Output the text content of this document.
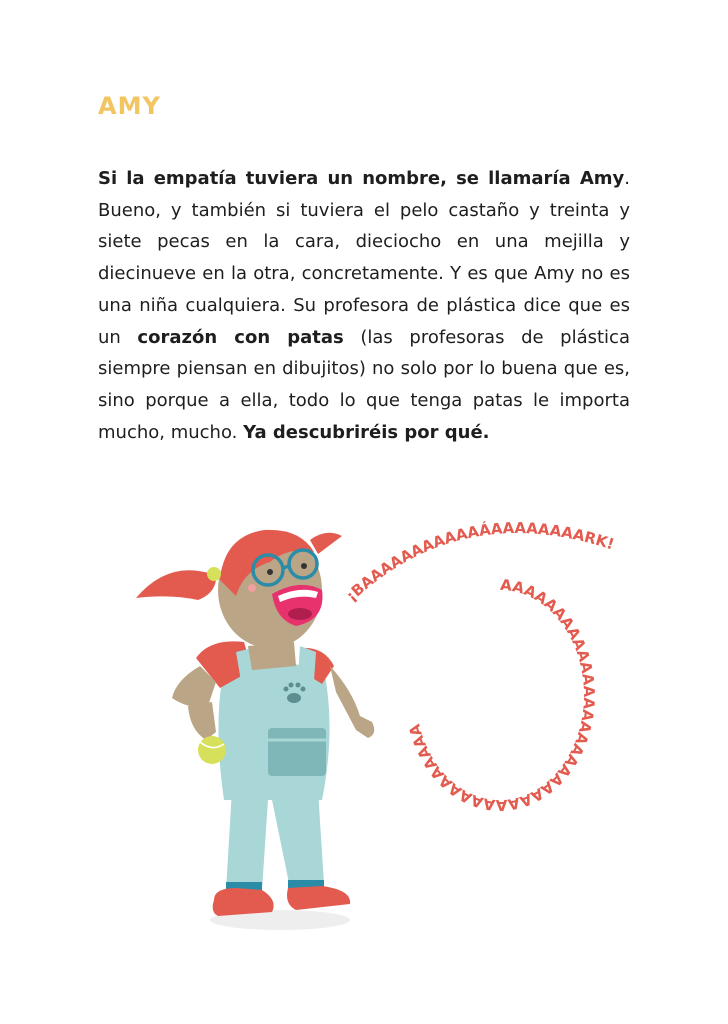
AMY

Si la empatía tuviera un nombre, se llamaría Amy. Bueno, y también si tuviera el pelo castaño y treinta y siete pecas en la cara, dieciocho en una mejilla y diecinueve en la otra, concretamente. Y es que Amy no es una niña cualquiera. Su profesora de plástica dice que es un corazón con patas (las profesoras de plástica siempre piensan en dibujitos) no solo por lo buena que es, sino porque a ella, todo lo que tenga patas le importa mucho, mucho. Ya descubriréis por qué.

¡BAAAAAAAAAAAÁAAAAAAAARK!
AAAAAAAAAAAAAAAAAAAAAAAAAAAAAAAAAAAA
